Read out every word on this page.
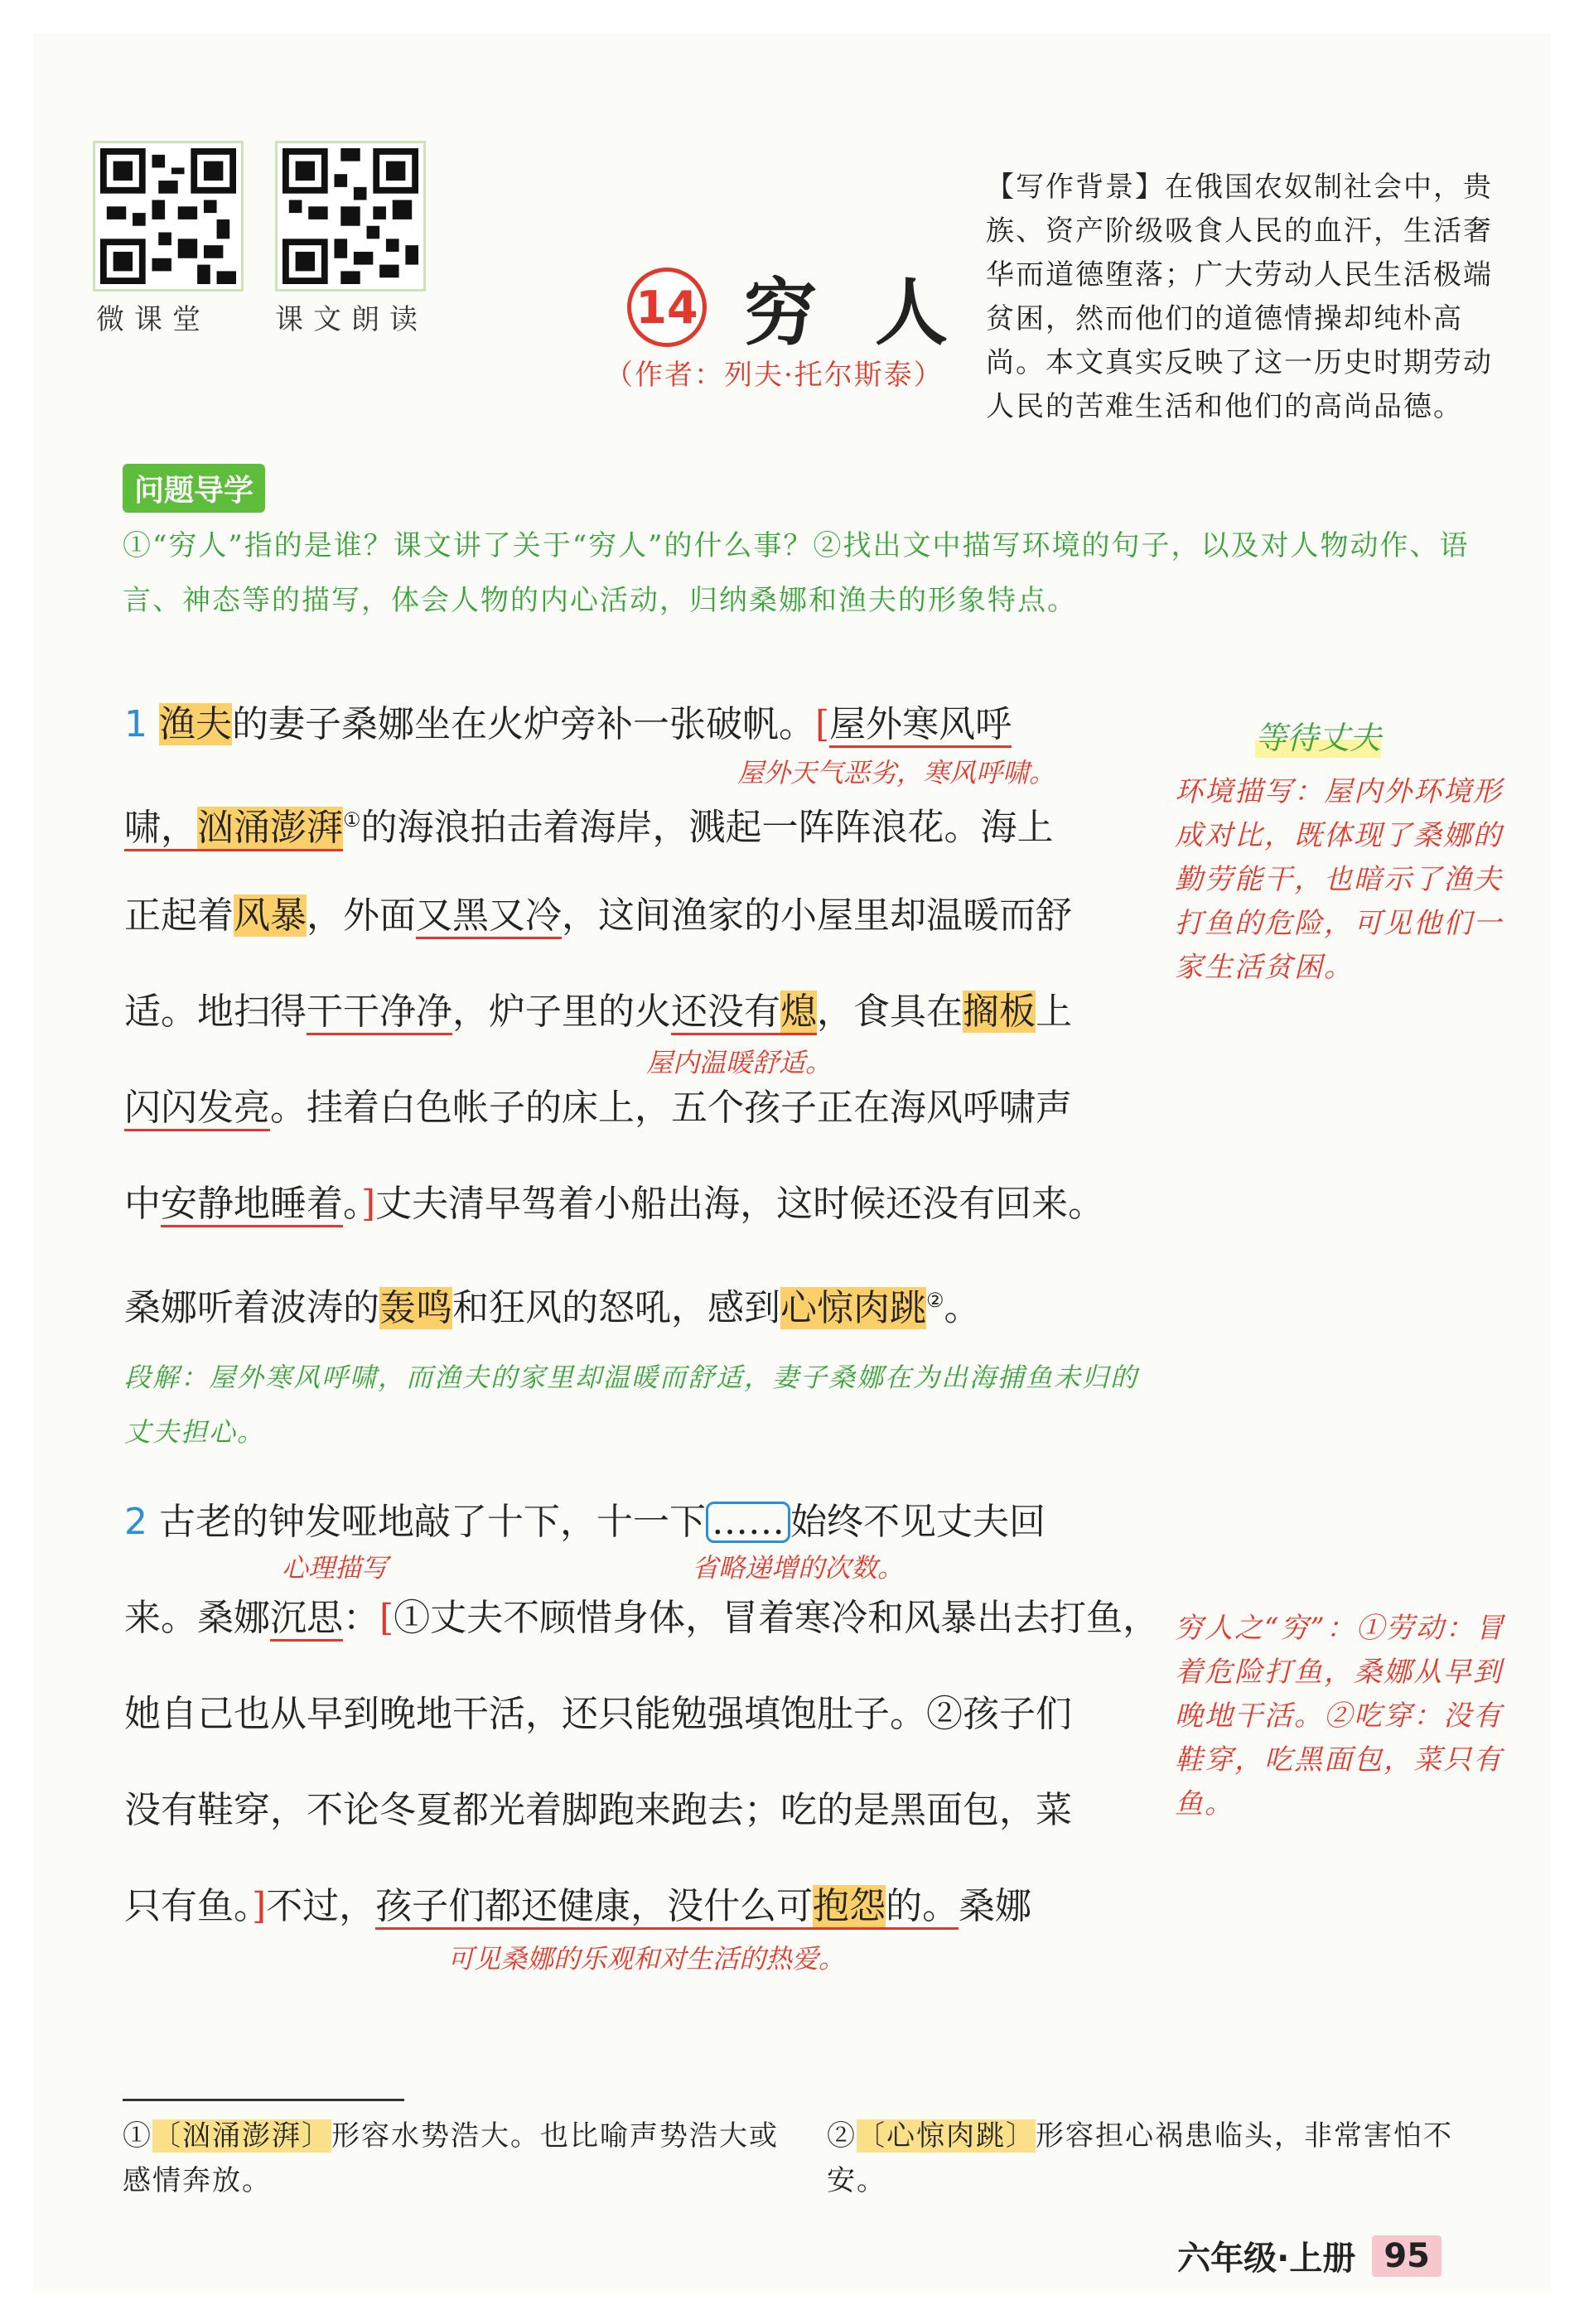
微课堂 课文朗读	14 穷人
（作者：列夫·托尔斯泰）
【写作背景】在俄国农奴制社会中，贵族、资产阶级吸食人民的血汗，生活奢华而道德堕落；广大劳动人民生活极端贫困，然而他们的道德情操却纯朴高尚。本文真实反映了这一历史时期劳动人民的苦难生活和他们的高尚品德。
问题导学
①“穷人”指的是谁？课文讲了关于“穷人”的什么事？②找出文中描写环境的句子，以及对人物动作、语言、神态等的描写，体会人物的内心活动，归纳桑娜和渔夫的形象特点。
1 渔夫的妻子桑娜坐在火炉旁补一张破帆。[屋外寒风呼
屋外天气恶劣，寒风呼啸。
啸，汹涌澎湃①的海浪拍击着海岸，溅起一阵阵浪花。海上
正起着风暴，外面又黑又冷，这间渔家的小屋里却温暖而舒
适。地扫得干干净净，炉子里的火还没有熄，食具在搁板上
屋内温暖舒适。
闪闪发亮。挂着白色帐子的床上，五个孩子正在海风呼啸声
中安静地睡着。]丈夫清早驾着小船出海，这时候还没有回来。
桑娜听着波涛的轰鸣和狂风的怒吼，感到心惊肉跳②。
段解：屋外寒风呼啸，而渔夫的家里却温暖而舒适，妻子桑娜在为出海捕鱼未归的丈夫担心。
2 古老的钟发哑地敲了十下，十一下 …… 始终不见丈夫回
心理描写	省略递增的次数。
来。桑娜沉思：[①丈夫不顾惜身体，冒着寒冷和风暴出去打鱼，
她自己也从早到晚地干活，还只能勉强填饱肚子。②孩子们
没有鞋穿，不论冬夏都光着脚跑来跑去；吃的是黑面包，菜
只有鱼。]不过，孩子们都还健康，没什么可抱怨的。桑娜
可见桑娜的乐观和对生活的热爱。
等待丈夫
环境描写：屋内外环境形成对比，既体现了桑娜的勤劳能干，也暗示了渔夫打鱼的危险，可见他们一家生活贫困。
穷人之“穷”：①劳动：冒着危险打鱼，桑娜从早到晚地干活。②吃穿：没有鞋穿，吃黑面包，菜只有鱼。
①〔汹涌澎湃〕形容水势浩大。也比喻声势浩大或感情奔放。
②〔心惊肉跳〕形容担心祸患临头，非常害怕不安。
六年级·上册 95
